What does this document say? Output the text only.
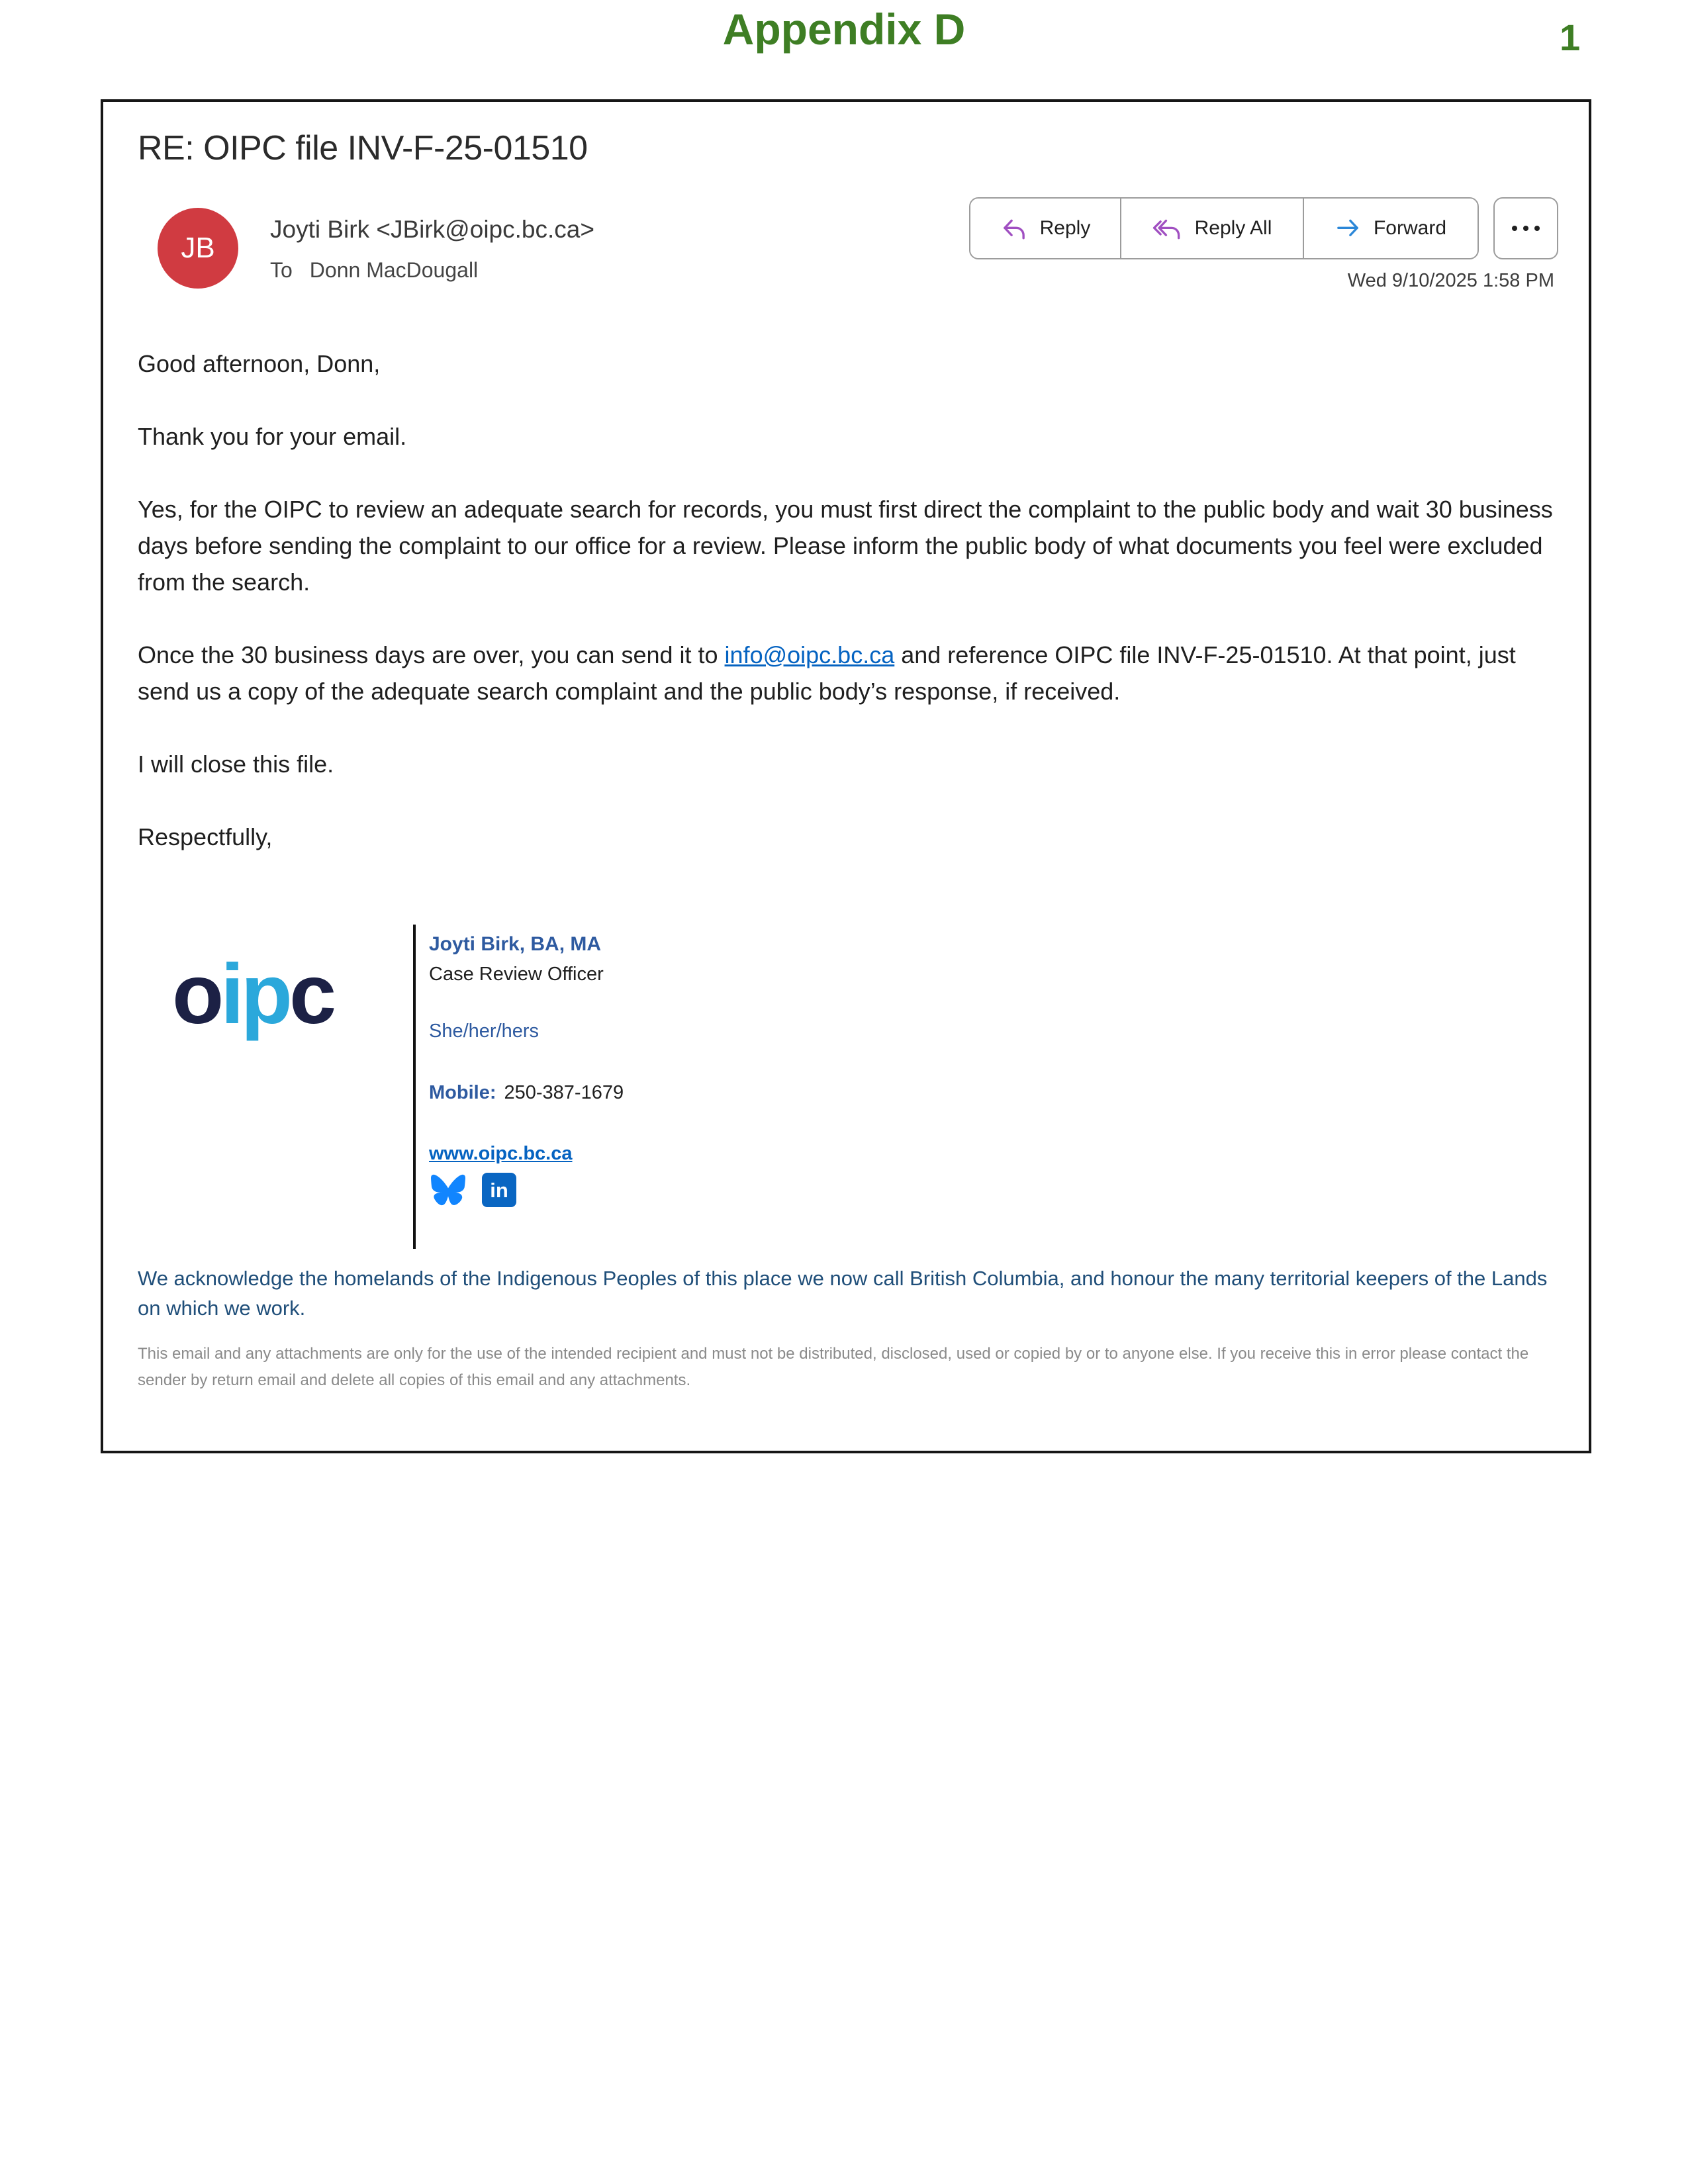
Appendix D	1
RE: OIPC file INV-F-25-01510
JB
Joyti Birk <JBirk@oipc.bc.ca>
To Donn MacDougall
Reply	Reply All	Forward
Wed 9/10/2025 1:58 PM

Good afternoon, Donn,

Thank you for your email.

Yes, for the OIPC to review an adequate search for records, you must first direct the complaint to the public body and wait 30 business days before sending the complaint to our office for a review. Please inform the public body of what documents you feel were excluded from the search.

Once the 30 business days are over, you can send it to info@oipc.bc.ca and reference OIPC file INV-F-25-01510. At that point, just send us a copy of the adequate search complaint and the public body’s response, if received.

I will close this file.

Respectfully,

oipc
Joyti Birk, BA, MA
Case Review Officer
She/her/hers
Mobile: 250-387-1679
www.oipc.bc.ca
in
We acknowledge the homelands of the Indigenous Peoples of this place we now call British Columbia, and honour the many territorial keepers of the Lands on which we work.
This email and any attachments are only for the use of the intended recipient and must not be distributed, disclosed, used or copied by or to anyone else. If you receive this in error please contact the sender by return email and delete all copies of this email and any attachments.
